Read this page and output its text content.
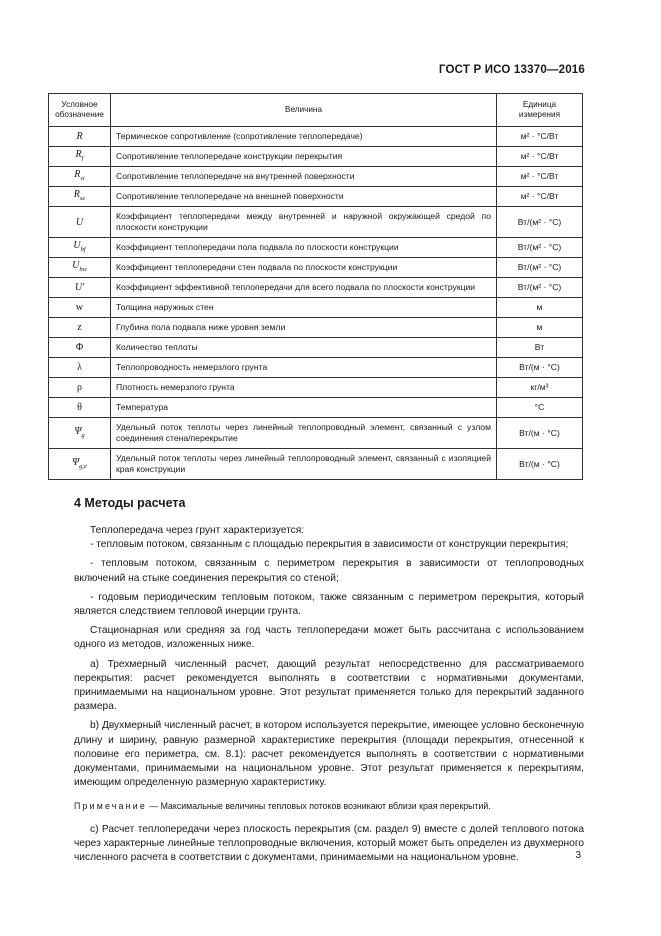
ГОСТ Р ИСО 13370—2016
Условное обозначение	Величина	Единица измерения
R	Термическое сопротивление (сопротивление теплопередаче)	м² · °С/Вт
$R_f$	Сопротивление теплопередаче конструкции перекрытия	м² · °С/Вт
$R_{si}$	Сопротивление теплопередаче на внутренней поверхности	м² · °С/Вт
$R_{se}$	Сопротивление теплопередаче на внешней поверхности	м² · °С/Вт
U	Коэффициент теплопередачи между внутренней и наружной окружающей средой по плоскости конструкции	Вт/(м² · °С)
$U_{bf}$	Коэффициент теплопередачи пола подвала по плоскости конструкции	Вт/(м² · °С)
$U_{bw}$	Коэффициент теплопередачи стен подвала по плоскости конструкции	Вт/(м² · °С)
U'	Коэффициент эффективной теплопередачи для всего подвала по плоскости конструкции	Вт/(м² · °С)
w	Толщина наружных стен	м
z	Глубина пола подвала ниже уровня земли	м
Φ	Количество теплоты	Вт
λ	Теплопроводность немерзлого грунта	Вт/(м · °С)
ρ	Плотность немерзлого грунта	кг/м³
θ	Температура	°С
$\Psi_g$	Удельный поток теплоты через линейный теплопроводный элемент, связанный с узлом соединения стена/перекрытие	Вт/(м · °С)
$\Psi_{g,e}$	Удельный поток теплоты через линейный теплопроводный элемент, связанный с изоляцией края конструкции	Вт/(м · °С)
4 Методы расчета

Теплопередача через грунт характеризуется:

- тепловым потоком, связанным с площадью перекрытия в зависимости от конструкции перекрытия;

- тепловым потоком, связанным с периметром перекрытия в зависимости от теплопроводных включений на стыке соединения перекрытия со стеной;

- годовым периодическим тепловым потоком, также связанным с периметром перекрытия, который является следствием тепловой инерции грунта.

Стационарная или средняя за год часть теплопередачи может быть рассчитана с использованием одного из методов, изложенных ниже.

a) Трехмерный численный расчет, дающий результат непосредственно для рассматриваемого перекрытия: расчет рекомендуется выполнять в соответствии с нормативными документами, принимаемыми на национальном уровне. Этот результат применяется только для перекрытий заданного размера.

b) Двухмерный численный расчет, в котором используется перекрытие, имеющее условно бесконечную длину и ширину, равную размерной характеристике перекрытия (площади перекрытия, отнесенной к половине его периметра, см. 8.1): расчет рекомендуется выполнять в соответствии с нормативными документами, принимаемыми на национальном уровне. Этот результат применяется к перекрытиям, имеющим определенную размерную характеристику.

Примечание — Максимальные величины тепловых потоков возникают вблизи края перекрытий.

c) Расчет теплопередачи через плоскость перекрытия (см. раздел 9) вместе с долей теплового потока через характерные линейные теплопроводные включения, который может быть определен из двухмерного численного расчета в соответствии с документами, принимаемыми на национальном уровне.	3
